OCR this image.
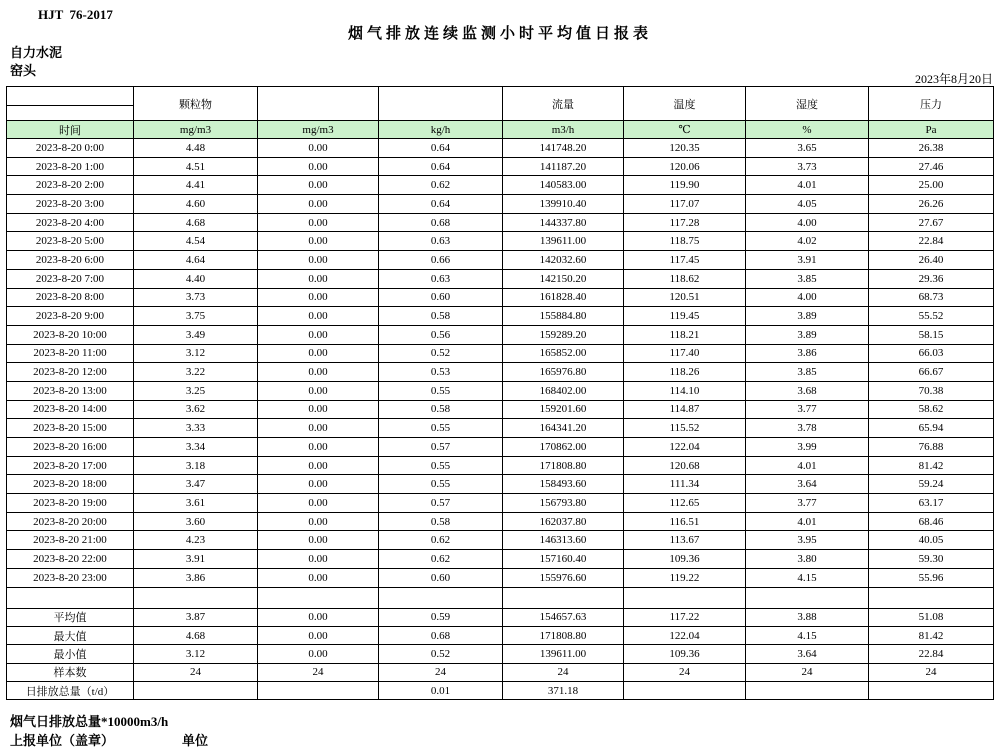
HJT  76-2017
烟气排放连续监测小时平均值日报表
自力水泥
窑头
2023年8月20日
	颗粒物			流量	温度	湿度	压力

时间	mg/m3	mg/m3	kg/h	m3/h	℃	%	Pa
2023-8-20 0:00	4.48	0.00	0.64	141748.20	120.35	3.65	26.38
2023-8-20 1:00	4.51	0.00	0.64	141187.20	120.06	3.73	27.46
2023-8-20 2:00	4.41	0.00	0.62	140583.00	119.90	4.01	25.00
2023-8-20 3:00	4.60	0.00	0.64	139910.40	117.07	4.05	26.26
2023-8-20 4:00	4.68	0.00	0.68	144337.80	117.28	4.00	27.67
2023-8-20 5:00	4.54	0.00	0.63	139611.00	118.75	4.02	22.84
2023-8-20 6:00	4.64	0.00	0.66	142032.60	117.45	3.91	26.40
2023-8-20 7:00	4.40	0.00	0.63	142150.20	118.62	3.85	29.36
2023-8-20 8:00	3.73	0.00	0.60	161828.40	120.51	4.00	68.73
2023-8-20 9:00	3.75	0.00	0.58	155884.80	119.45	3.89	55.52
2023-8-20 10:00	3.49	0.00	0.56	159289.20	118.21	3.89	58.15
2023-8-20 11:00	3.12	0.00	0.52	165852.00	117.40	3.86	66.03
2023-8-20 12:00	3.22	0.00	0.53	165976.80	118.26	3.85	66.67
2023-8-20 13:00	3.25	0.00	0.55	168402.00	114.10	3.68	70.38
2023-8-20 14:00	3.62	0.00	0.58	159201.60	114.87	3.77	58.62
2023-8-20 15:00	3.33	0.00	0.55	164341.20	115.52	3.78	65.94
2023-8-20 16:00	3.34	0.00	0.57	170862.00	122.04	3.99	76.88
2023-8-20 17:00	3.18	0.00	0.55	171808.80	120.68	4.01	81.42
2023-8-20 18:00	3.47	0.00	0.55	158493.60	111.34	3.64	59.24
2023-8-20 19:00	3.61	0.00	0.57	156793.80	112.65	3.77	63.17
2023-8-20 20:00	3.60	0.00	0.58	162037.80	116.51	4.01	68.46
2023-8-20 21:00	4.23	0.00	0.62	146313.60	113.67	3.95	40.05
2023-8-20 22:00	3.91	0.00	0.62	157160.40	109.36	3.80	59.30
2023-8-20 23:00	3.86	0.00	0.60	155976.60	119.22	4.15	55.96

平均值	3.87	0.00	0.59	154657.63	117.22	3.88	51.08
最大值	4.68	0.00	0.68	171808.80	122.04	4.15	81.42
最小值	3.12	0.00	0.52	139611.00	109.36	3.64	22.84
样本数	24	24	24	24	24	24	24
日排放总量（t/d）			0.01	371.18			
烟气日排放总量*10000m3/h
上报单位（盖章）	单位
